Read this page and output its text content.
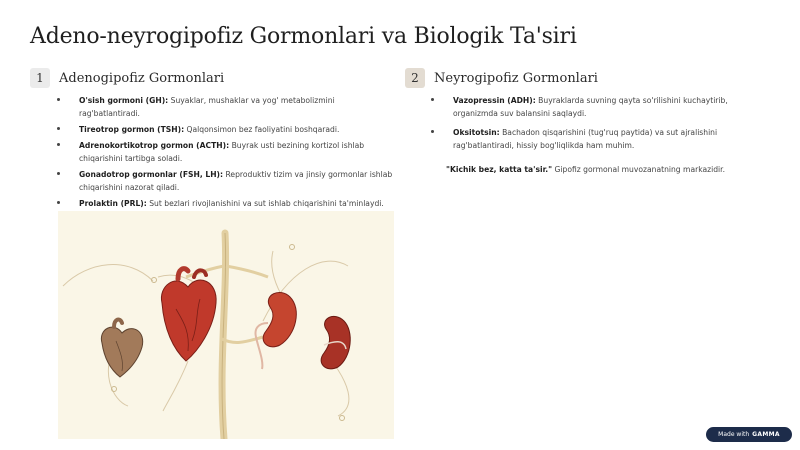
Adeno-neyrogipofiz Gormonlari va Biologik Ta'siri
1	Adenogipofiz Gormonlari
O'sish gormoni (GH): Suyaklar, mushaklar va yog' metabolizmini rag'batlantiradi.
Tireotrop gormon (TSH): Qalqonsimon bez faoliyatini boshqaradi.
Adrenokortikotrop gormon (ACTH): Buyrak usti bezining kortizol ishlab chiqarishini tartibga soladi.
Gonadotrop gormonlar (FSH, LH): Reproduktiv tizim va jinsiy gormonlar ishlab chiqarishini nazorat qiladi.
Prolaktin (PRL): Sut bezlari rivojlanishini va sut ishlab chiqarishini ta'minlaydi.
2	Neyrogipofiz Gormonlari
Vazopressin (ADH): Buyraklarda suvning qayta so'rilishini kuchaytirib, organizmda suv balansini saqlaydi.
Oksitotsin: Bachadon qisqarishini (tug'ruq paytida) va sut ajralishini rag'batlantiradi, hissiy bog'liqlikda ham muhim.
"Kichik bez, katta ta'sir." Gipofiz gormonal muvozanatning markazidir.
Made with GAMMA
